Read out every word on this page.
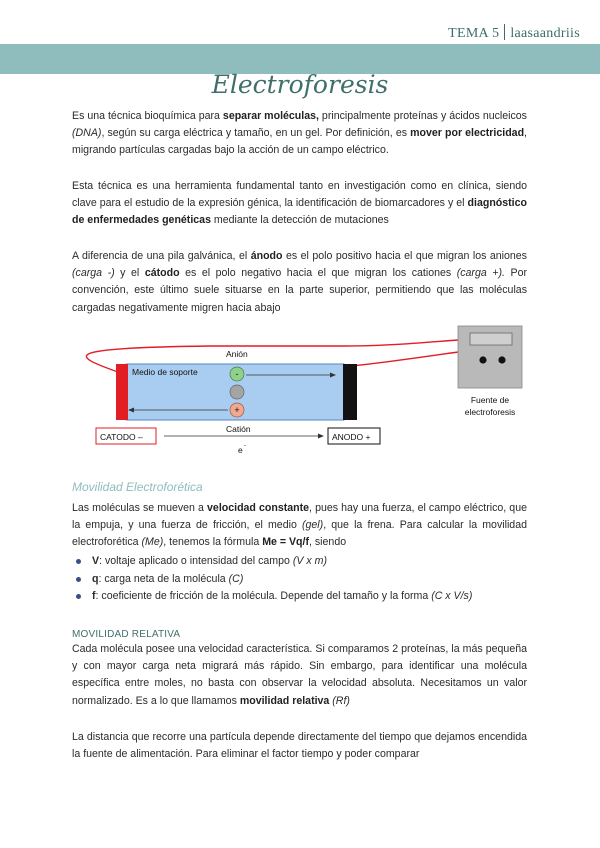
TEMA 5 laasaandriis
Electroforesis

Es una técnica bioquímica para separar moléculas, principalmente proteínas y ácidos nucleicos (DNA), según su carga eléctrica y tamaño, en un gel. Por definición, es mover por electricidad, migrando partículas cargadas bajo la acción de un campo eléctrico.

Esta técnica es una herramienta fundamental tanto en investigación como en clínica, siendo clave para el estudio de la expresión génica, la identificación de biomarcadores y el diagnóstico de enfermedades genéticas mediante la detección de mutaciones

A diferencia de una pila galvánica, el ánodo es el polo positivo hacia el que migran los aniones (carga -) y el cátodo es el polo negativo hacia el que migran los cationes (carga +). Por convención, este último suele situarse en la parte superior, permitiendo que las moléculas cargadas negativamente migren hacia abajo

Medio de soporte
Anión
-
+
Catión
CATODO –	ANODO +
e -
Fuente de
electroforesis
Movilidad Electroforética

Las moléculas se mueven a velocidad constante, pues hay una fuerza, el campo eléctrico, que la empuja, y una fuerza de fricción, el medio (gel), que la frena. Para calcular la movilidad electroforética (Me), tenemos la fórmula Me = Vq/f, siendo

V: voltaje aplicado o intensidad del campo (V x m)
q: carga neta de la molécula (C)
f: coeficiente de fricción de la molécula. Depende del tamaño y la forma (C x V/s)
MOVILIDAD RELATIVA

Cada molécula posee una velocidad característica. Si comparamos 2 proteínas, la más pequeña y con mayor carga neta migrará más rápido. Sin embargo, para identificar una molécula específica entre moles, no basta con observar la velocidad absoluta. Necesitamos un valor normalizado. Es a lo que llamamos movilidad relativa (Rf)

La distancia que recorre una partícula depende directamente del tiempo que dejamos encendida la fuente de alimentación. Para eliminar el factor tiempo y poder comparar
